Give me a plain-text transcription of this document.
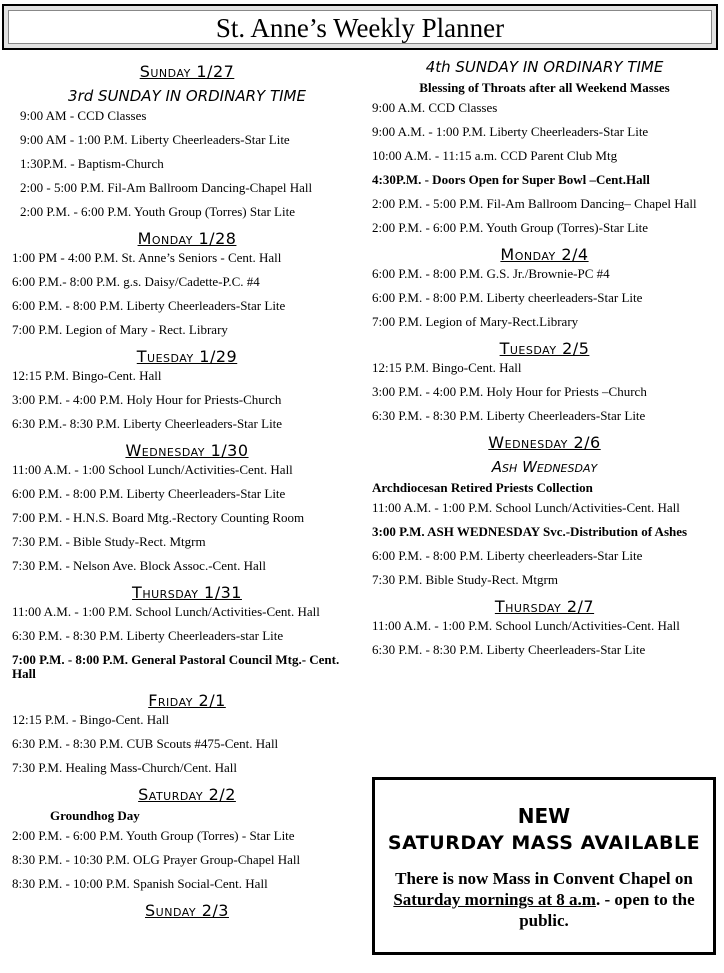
St. Anne’s Weekly Planner
Sunday 1/27
3rd SUNDAY IN ORDINARY TIME
9:00 AM - CCD Classes
9:00 AM - 1:00 P.M. Liberty Cheerleaders-Star Lite
1:30P.M. - Baptism-Church
2:00 - 5:00 P.M. Fil-Am Ballroom Dancing-Chapel Hall
2:00 P.M. - 6:00 P.M. Youth Group (Torres) Star Lite
Monday 1/28
1:00 PM - 4:00 P.M. St. Anne’s Seniors - Cent. Hall
6:00 P.M.- 8:00 P.M. g.s. Daisy/Cadette-P.C. #4
6:00 P.M. - 8:00 P.M. Liberty Cheerleaders-Star Lite
7:00 P.M. Legion of Mary - Rect. Library
Tuesday 1/29
12:15 P.M. Bingo-Cent. Hall
3:00 P.M. - 4:00 P.M. Holy Hour for Priests-Church
6:30 P.M.- 8:30 P.M. Liberty Cheerleaders-Star Lite
Wednesday 1/30
11:00 A.M. - 1:00 School Lunch/Activities-Cent. Hall
6:00 P.M. - 8:00 P.M. Liberty Cheerleaders-Star Lite
7:00 P.M. - H.N.S. Board Mtg.-Rectory Counting Room
7:30 P.M. - Bible Study-Rect. Mtgrm
7:30 P.M. - Nelson Ave. Block Assoc.-Cent. Hall
Thursday 1/31
11:00 A.M. - 1:00 P.M. School Lunch/Activities-Cent. Hall
6:30 P.M. - 8:30 P.M. Liberty Cheerleaders-star Lite
7:00 P.M. - 8:00 P.M. General Pastoral Council Mtg.- Cent. Hall
Friday 2/1
12:15 P.M. - Bingo-Cent. Hall
6:30 P.M. - 8:30 P.M. CUB Scouts #475-Cent. Hall
7:30 P.M. Healing Mass-Church/Cent. Hall
Saturday 2/2
Groundhog Day
2:00 P.M. - 6:00 P.M. Youth Group (Torres) - Star Lite
8:30 P.M. - 10:30 P.M. OLG Prayer Group-Chapel Hall
8:30 P.M. - 10:00 P.M. Spanish Social-Cent. Hall
Sunday 2/3
4th SUNDAY IN ORDINARY TIME
Blessing of Throats after all Weekend Masses
9:00 A.M. CCD Classes
9:00 A.M. - 1:00 P.M. Liberty Cheerleaders-Star Lite
10:00 A.M. - 11:15 a.m. CCD Parent Club Mtg
4:30P.M. - Doors Open for Super Bowl –Cent.Hall
2:00 P.M. - 5:00 P.M. Fil-Am Ballroom Dancing– Chapel Hall
2:00 P.M. - 6:00 P.M. Youth Group (Torres)-Star Lite
Monday 2/4
6:00 P.M. - 8:00 P.M. G.S. Jr./Brownie-PC #4
6:00 P.M. - 8:00 P.M. Liberty cheerleaders-Star Lite
7:00 P.M. Legion of Mary-Rect.Library
Tuesday 2/5
12:15 P.M. Bingo-Cent. Hall
3:00 P.M. - 4:00 P.M. Holy Hour for Priests –Church
6:30 P.M. - 8:30 P.M. Liberty Cheerleaders-Star Lite
Wednesday 2/6
Ash Wednesday
Archdiocesan Retired Priests Collection
11:00 A.M. - 1:00 P.M. School Lunch/Activities-Cent. Hall
3:00 P.M. ASH WEDNESDAY Svc.-Distribution of Ashes
6:00 P.M. - 8:00 P.M. Liberty cheerleaders-Star Lite
7:30 P.M. Bible Study-Rect. Mtgrm
Thursday 2/7
11:00 A.M. - 1:00 P.M. School Lunch/Activities-Cent. Hall
6:30 P.M. - 8:30 P.M. Liberty Cheerleaders-Star Lite
NEW
SATURDAY MASS AVAILABLE
There is now Mass in Convent Chapel on Saturday mornings at 8 a.m. - open to the public.
